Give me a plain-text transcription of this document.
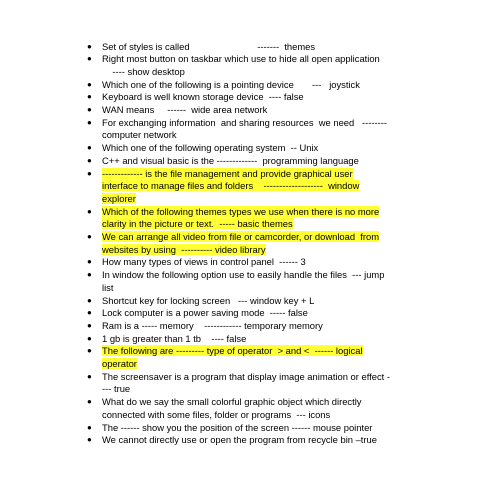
●	Set of styles is called                          -------  themes
●	Right most button on taskbar which use to hide all open application
---- show desktop
●	Which one of the following is a pointing device       ---   joystick
●	Keyboard is well known storage device  ---- false
●	WAN means     ------  wide area network
●	For exchanging information  and sharing resources  we need   --------
computer network
●	Which one of the following operating system  -- Unix
●	C++ and visual basic is the -------------  programming language
●	------------- is the file management and provide graphical user
interface to manage files and folders    -------------------  window
explorer
●	Which of the following themes types we use when there is no more
clarity in the picture or text.  ----- basic themes
●	We can arrange all video from file or camcorder, or download  from
websites by using  ---------- video library
●	How many types of views in control panel  ------ 3
●	In window the following option use to easily handle the files  --- jump
list
●	Shortcut key for locking screen   --- window key + L
●	Lock computer is a power saving mode  ----- false
●	Ram is a ----- memory    ------------ temporary memory
●	1 gb is greater than 1 tb    ---- false
●	The following are --------- type of operator  > and <  ------ logical
operator
●	The screensaver is a program that display image animation or effect -
--- true
●	What do we say the small colorful graphic object which directly
connected with some files, folder or programs  --- icons
●	The ------ show you the position of the screen ------ mouse pointer
●	We cannot directly use or open the program from recycle bin –true
